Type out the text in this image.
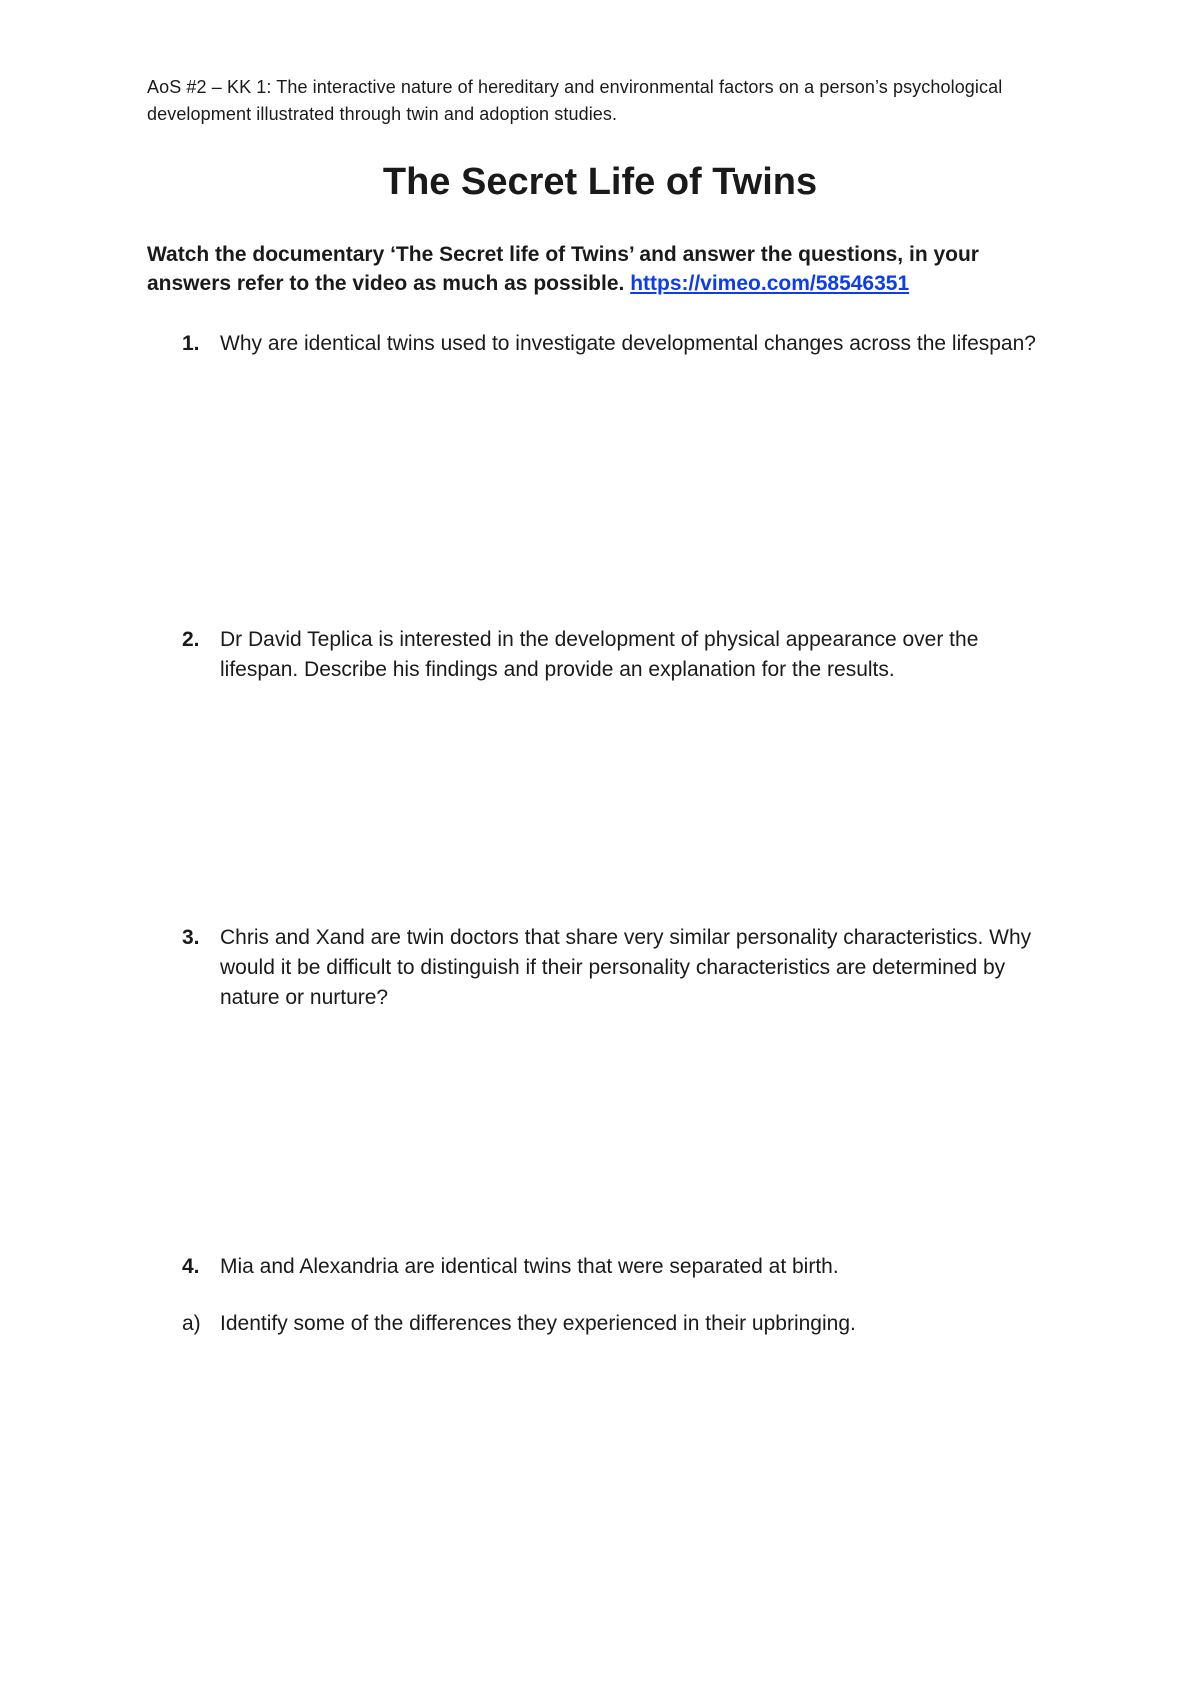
AoS #2 – KK 1: The interactive nature of hereditary and environmental factors on a person’s psychological development illustrated through twin and adoption studies.
The Secret Life of Twins
Watch the documentary ‘The Secret life of Twins’ and answer the questions, in your answers refer to the video as much as possible. https://vimeo.com/58546351
1. Why are identical twins used to investigate developmental changes across the lifespan?
2. Dr David Teplica is interested in the development of physical appearance over the lifespan. Describe his findings and provide an explanation for the results.
3. Chris and Xand are twin doctors that share very similar personality characteristics. Why would it be difficult to distinguish if their personality characteristics are determined by nature or nurture?
4. Mia and Alexandria are identical twins that were separated at birth.
a) Identify some of the differences they experienced in their upbringing.
